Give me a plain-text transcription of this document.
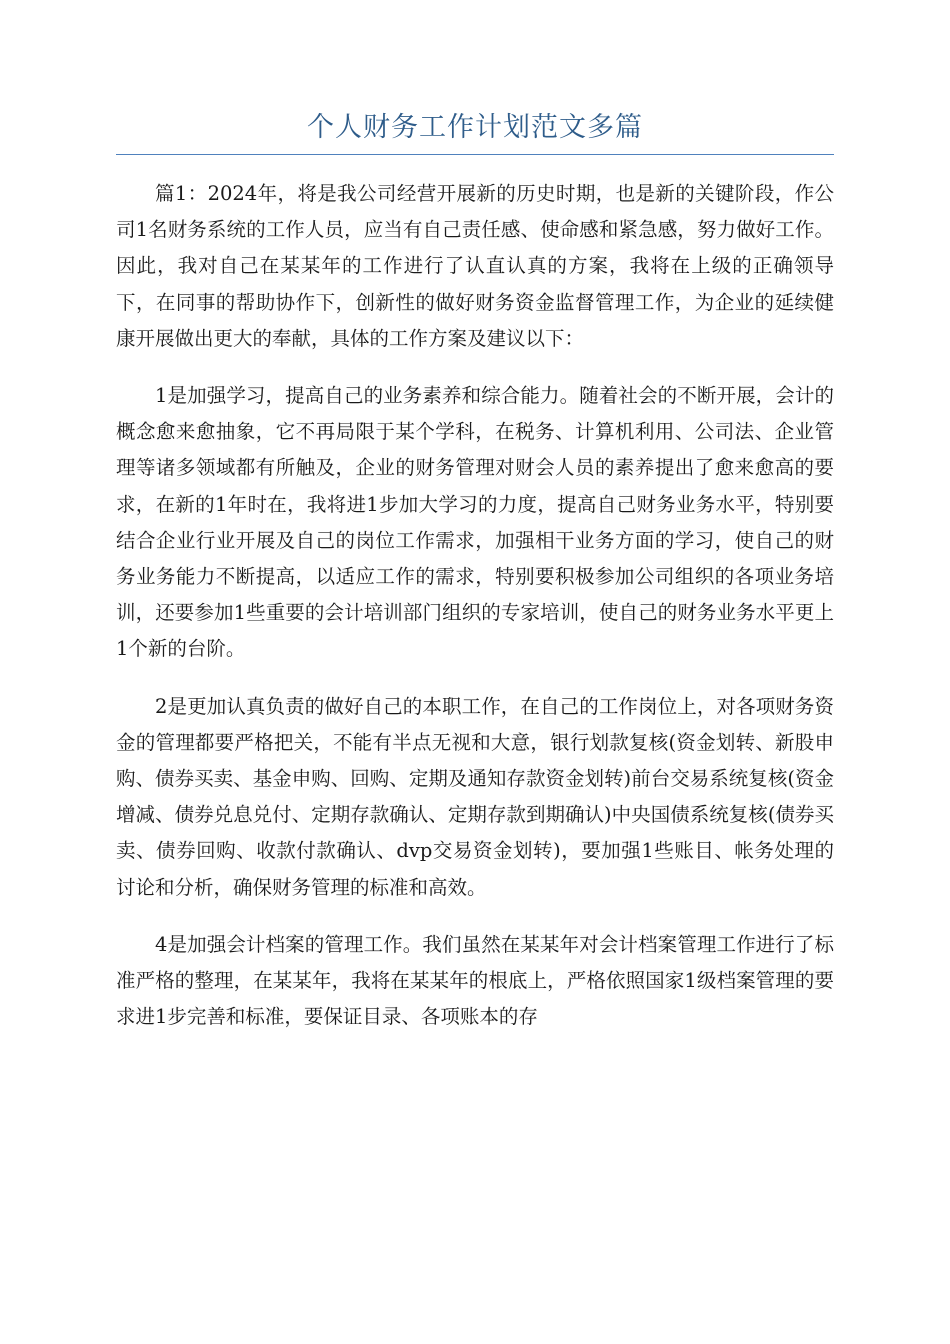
个人财务工作计划范文多篇

篇1：2024年，将是我公司经营开展新的历史时期，也是新的关键阶段，作公司1名财务系统的工作人员，应当有自己责任感、使命感和紧急感，努力做好工作。因此，我对自己在某某年的工作进行了认直认真的方案，我将在上级的正确领导下，在同事的帮助协作下，创新性的做好财务资金监督管理工作，为企业的延续健康开展做出更大的奉献，具体的工作方案及建议以下：

1是加强学习，提高自己的业务素养和综合能力。随着社会的不断开展，会计的概念愈来愈抽象，它不再局限于某个学科，在税务、计算机利用、公司法、企业管理等诸多领域都有所触及，企业的财务管理对财会人员的素养提出了愈来愈高的要求，在新的1年时在，我将进1步加大学习的力度，提高自己财务业务水平，特别要结合企业行业开展及自己的岗位工作需求，加强相干业务方面的学习，使自己的财务业务能力不断提高，以适应工作的需求，特别要积极参加公司组织的各项业务培训，还要参加1些重要的会计培训部门组织的专家培训，使自己的财务业务水平更上1个新的台阶。

2是更加认真负责的做好自己的本职工作，在自己的工作岗位上，对各项财务资金的管理都要严格把关，不能有半点无视和大意，银行划款复核(资金划转、新股申购、债券买卖、基金申购、回购、定期及通知存款资金划转)前台交易系统复核(资金增减、债券兑息兑付、定期存款确认、定期存款到期确认)中央国债系统复核(债券买卖、债券回购、收款付款确认、dvp交易资金划转)，要加强1些账目、帐务处理的讨论和分析，确保财务管理的标准和高效。

4是加强会计档案的管理工作。我们虽然在某某年对会计档案管理工作进行了标准严格的整理，在某某年，我将在某某年的根底上，严格依照国家1级档案管理的要求进1步完善和标准，要保证目录、各项账本的存
